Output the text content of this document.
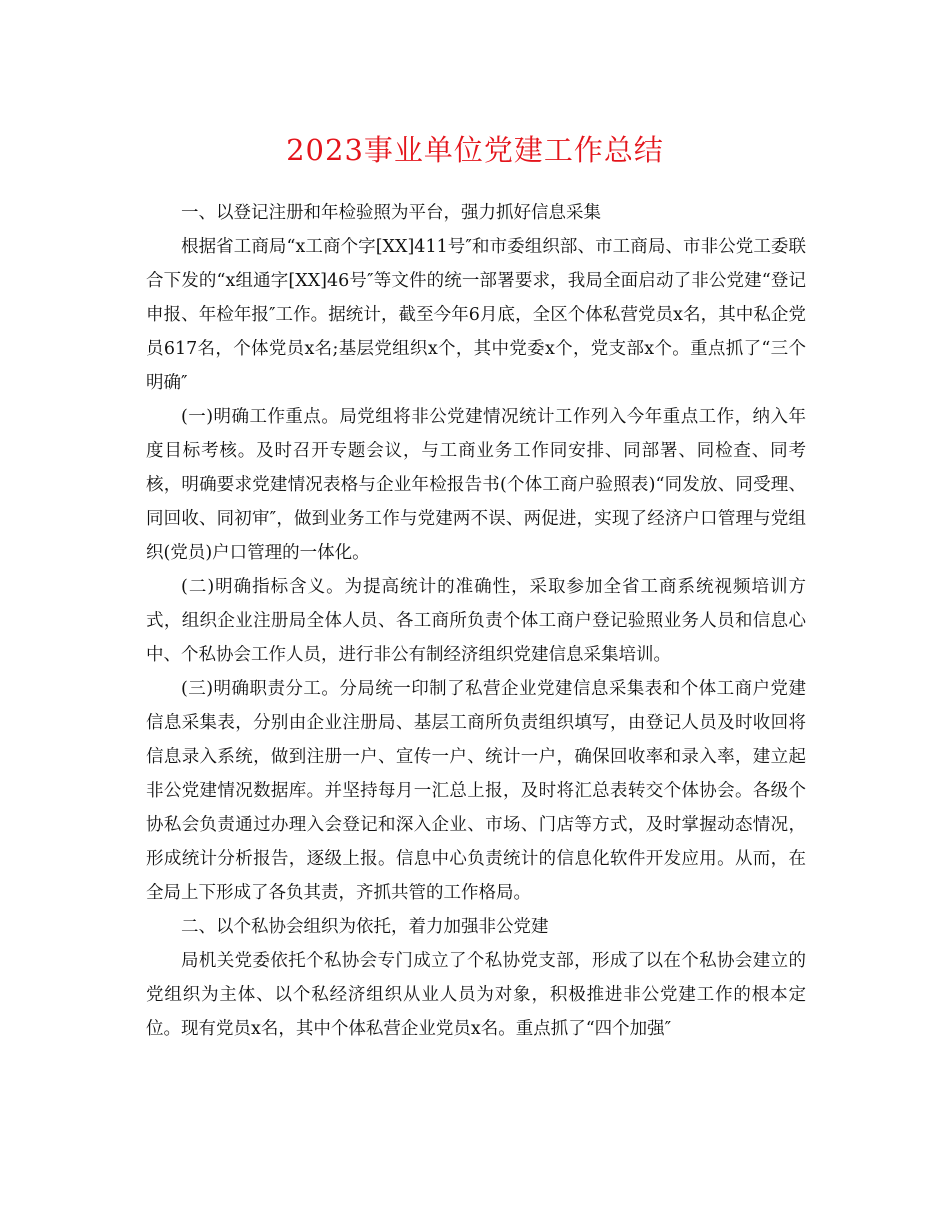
2023事业单位党建工作总结

一、以登记注册和年检验照为平台，强力抓好信息采集

根据省工商局“x工商个字[XX]411号″和市委组织部、市工商局、市非公党工委联合下发的“x组通字[XX]46号″等文件的统一部署要求，我局全面启动了非公党建“登记申报、年检年报″工作。据统计，截至今年6月底，全区个体私营党员x名，其中私企党员617名，个体党员x名;基层党组织x个，其中党委x个，党支部x个。重点抓了“三个明确″

(一)明确工作重点。局党组将非公党建情况统计工作列入今年重点工作，纳入年度目标考核。及时召开专题会议，与工商业务工作同安排、同部署、同检查、同考核，明确要求党建情况表格与企业年检报告书(个体工商户验照表)“同发放、同受理、同回收、同初审″，做到业务工作与党建两不误、两促进，实现了经济户口管理与党组织(党员)户口管理的一体化。

(二)明确指标含义。为提高统计的准确性，采取参加全省工商系统视频培训方式，组织企业注册局全体人员、各工商所负责个体工商户登记验照业务人员和信息心中、个私协会工作人员，进行非公有制经济组织党建信息采集培训。

(三)明确职责分工。分局统一印制了私营企业党建信息采集表和个体工商户党建信息采集表，分别由企业注册局、基层工商所负责组织填写，由登记人员及时收回将信息录入系统，做到注册一户、宣传一户、统计一户，确保回收率和录入率，建立起非公党建情况数据库。并坚持每月一汇总上报，及时将汇总表转交个体协会。各级个协私会负责通过办理入会登记和深入企业、市场、门店等方式，及时掌握动态情况，形成统计分析报告，逐级上报。信息中心负责统计的信息化软件开发应用。从而，在全局上下形成了各负其责，齐抓共管的工作格局。

二、以个私协会组织为依托，着力加强非公党建

局机关党委依托个私协会专门成立了个私协党支部，形成了以在个私协会建立的党组织为主体、以个私经济组织从业人员为对象，积极推进非公党建工作的根本定位。现有党员x名，其中个体私营企业党员x名。重点抓了“四个加强″
